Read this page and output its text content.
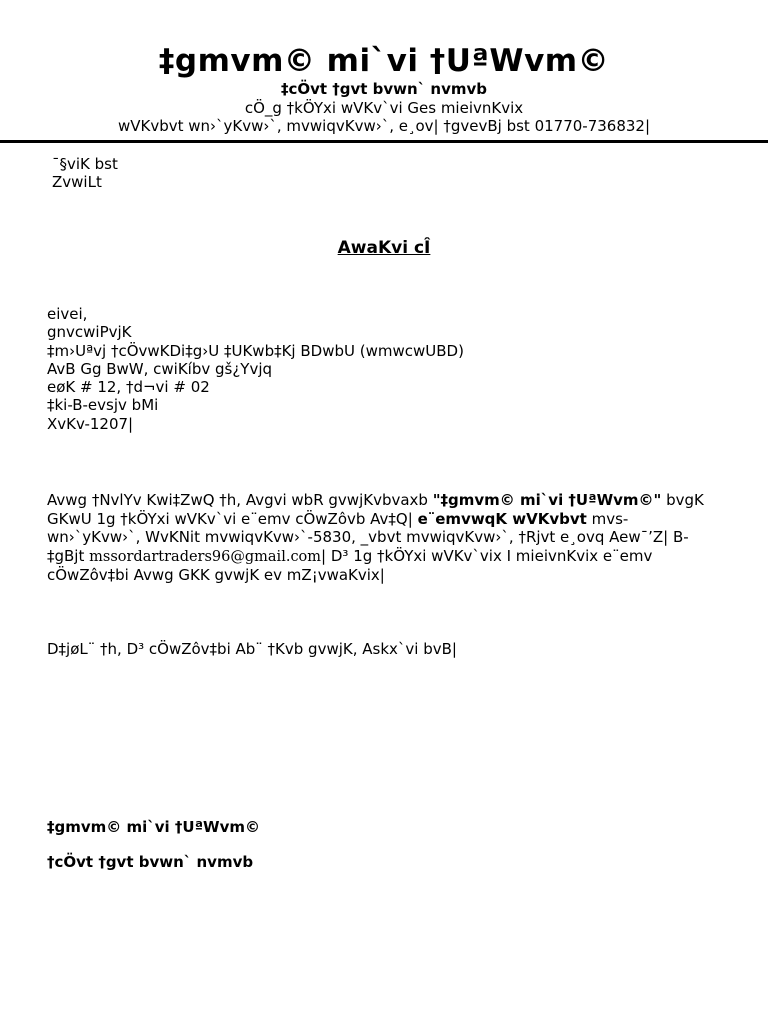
‡gmvm© mi`vi †UªWvm©
‡cÖvt †gvt bvwn` nvmvb
cÖ_g †kÖYxi wVKv`vi Ges mieivnKvix
wVKvbvt wn›`yKvw›`, mvwiqvKvw›`, e¸ov| †gvevBj bst 01770-736832|
¯§viK bst
ZvwiLt
AwaKvi cÎ
eivei,
gnvcwiPvjK
‡m›Uªvj †cÖvwKDi‡g›U ‡UKwb‡Kj BDwbU (wmwcwUBD)
AvB Gg BwW, cwiKíbv gš¿Yvjq
eøK # 12, †d¬vi # 02
‡ki-B-evsjv bMi
XvKv-1207|
Avwg †NvlYv Kwi‡ZwQ †h, Avgvi wbR gvwjKvbvaxb "‡gmvm© mi`vi †UªWvm©" bvgK GKwU 1g †kÖYxi wVKv`vi e¨emv cÖwZôvb Av‡Q| e¨emvwqK wVKvbvt mvs-wn›`yKvw›`, WvKNit mvwiqvKvw›`-5830, _vbvt mvwiqvKvw›`, †Rjvt e¸ovq Aew¯’Z| B-‡gBjt mssordartraders96@gmail.com| D³ 1g †kÖYxi wVKv`vix I mieivnKvix e¨emv cÖwZôv‡bi Avwg GKK gvwjK ev mZ¡vwaKvix|
D‡jøL¨ †h, D³ cÖwZôv‡bi Ab¨ †Kvb gvwjK, Askx`vi bvB|
‡gmvm© mi`vi †UªWvm©
†cÖvt †gvt bvwn` nvmvb
